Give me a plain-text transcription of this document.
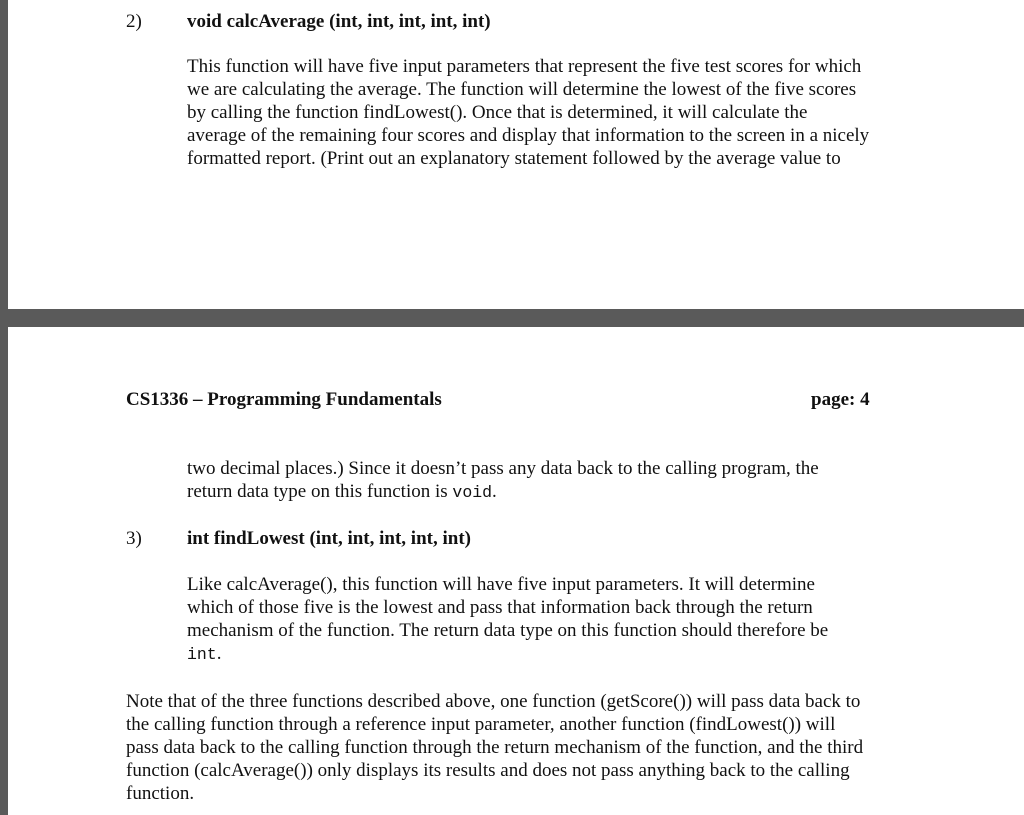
2) void calcAverage (int, int, int, int, int)
This function will have five input parameters that represent the five test scores for which
we are calculating the average. The function will determine the lowest of the five scores
by calling the function findLowest(). Once that is determined, it will calculate the
average of the remaining four scores and display that information to the screen in a nicely
formatted report. (Print out an explanatory statement followed by the average value to
CS1336 – Programming Fundamentals	page: 4
two decimal places.) Since it doesn’t pass any data back to the calling program, the
return data type on this function is void.
3) int findLowest (int, int, int, int, int)
Like calcAverage(), this function will have five input parameters. It will determine
which of those five is the lowest and pass that information back through the return
mechanism of the function. The return data type on this function should therefore be
int.
Note that of the three functions described above, one function (getScore()) will pass data back to
the calling function through a reference input parameter, another function (findLowest()) will
pass data back to the calling function through the return mechanism of the function, and the third
function (calcAverage()) only displays its results and does not pass anything back to the calling
function.
